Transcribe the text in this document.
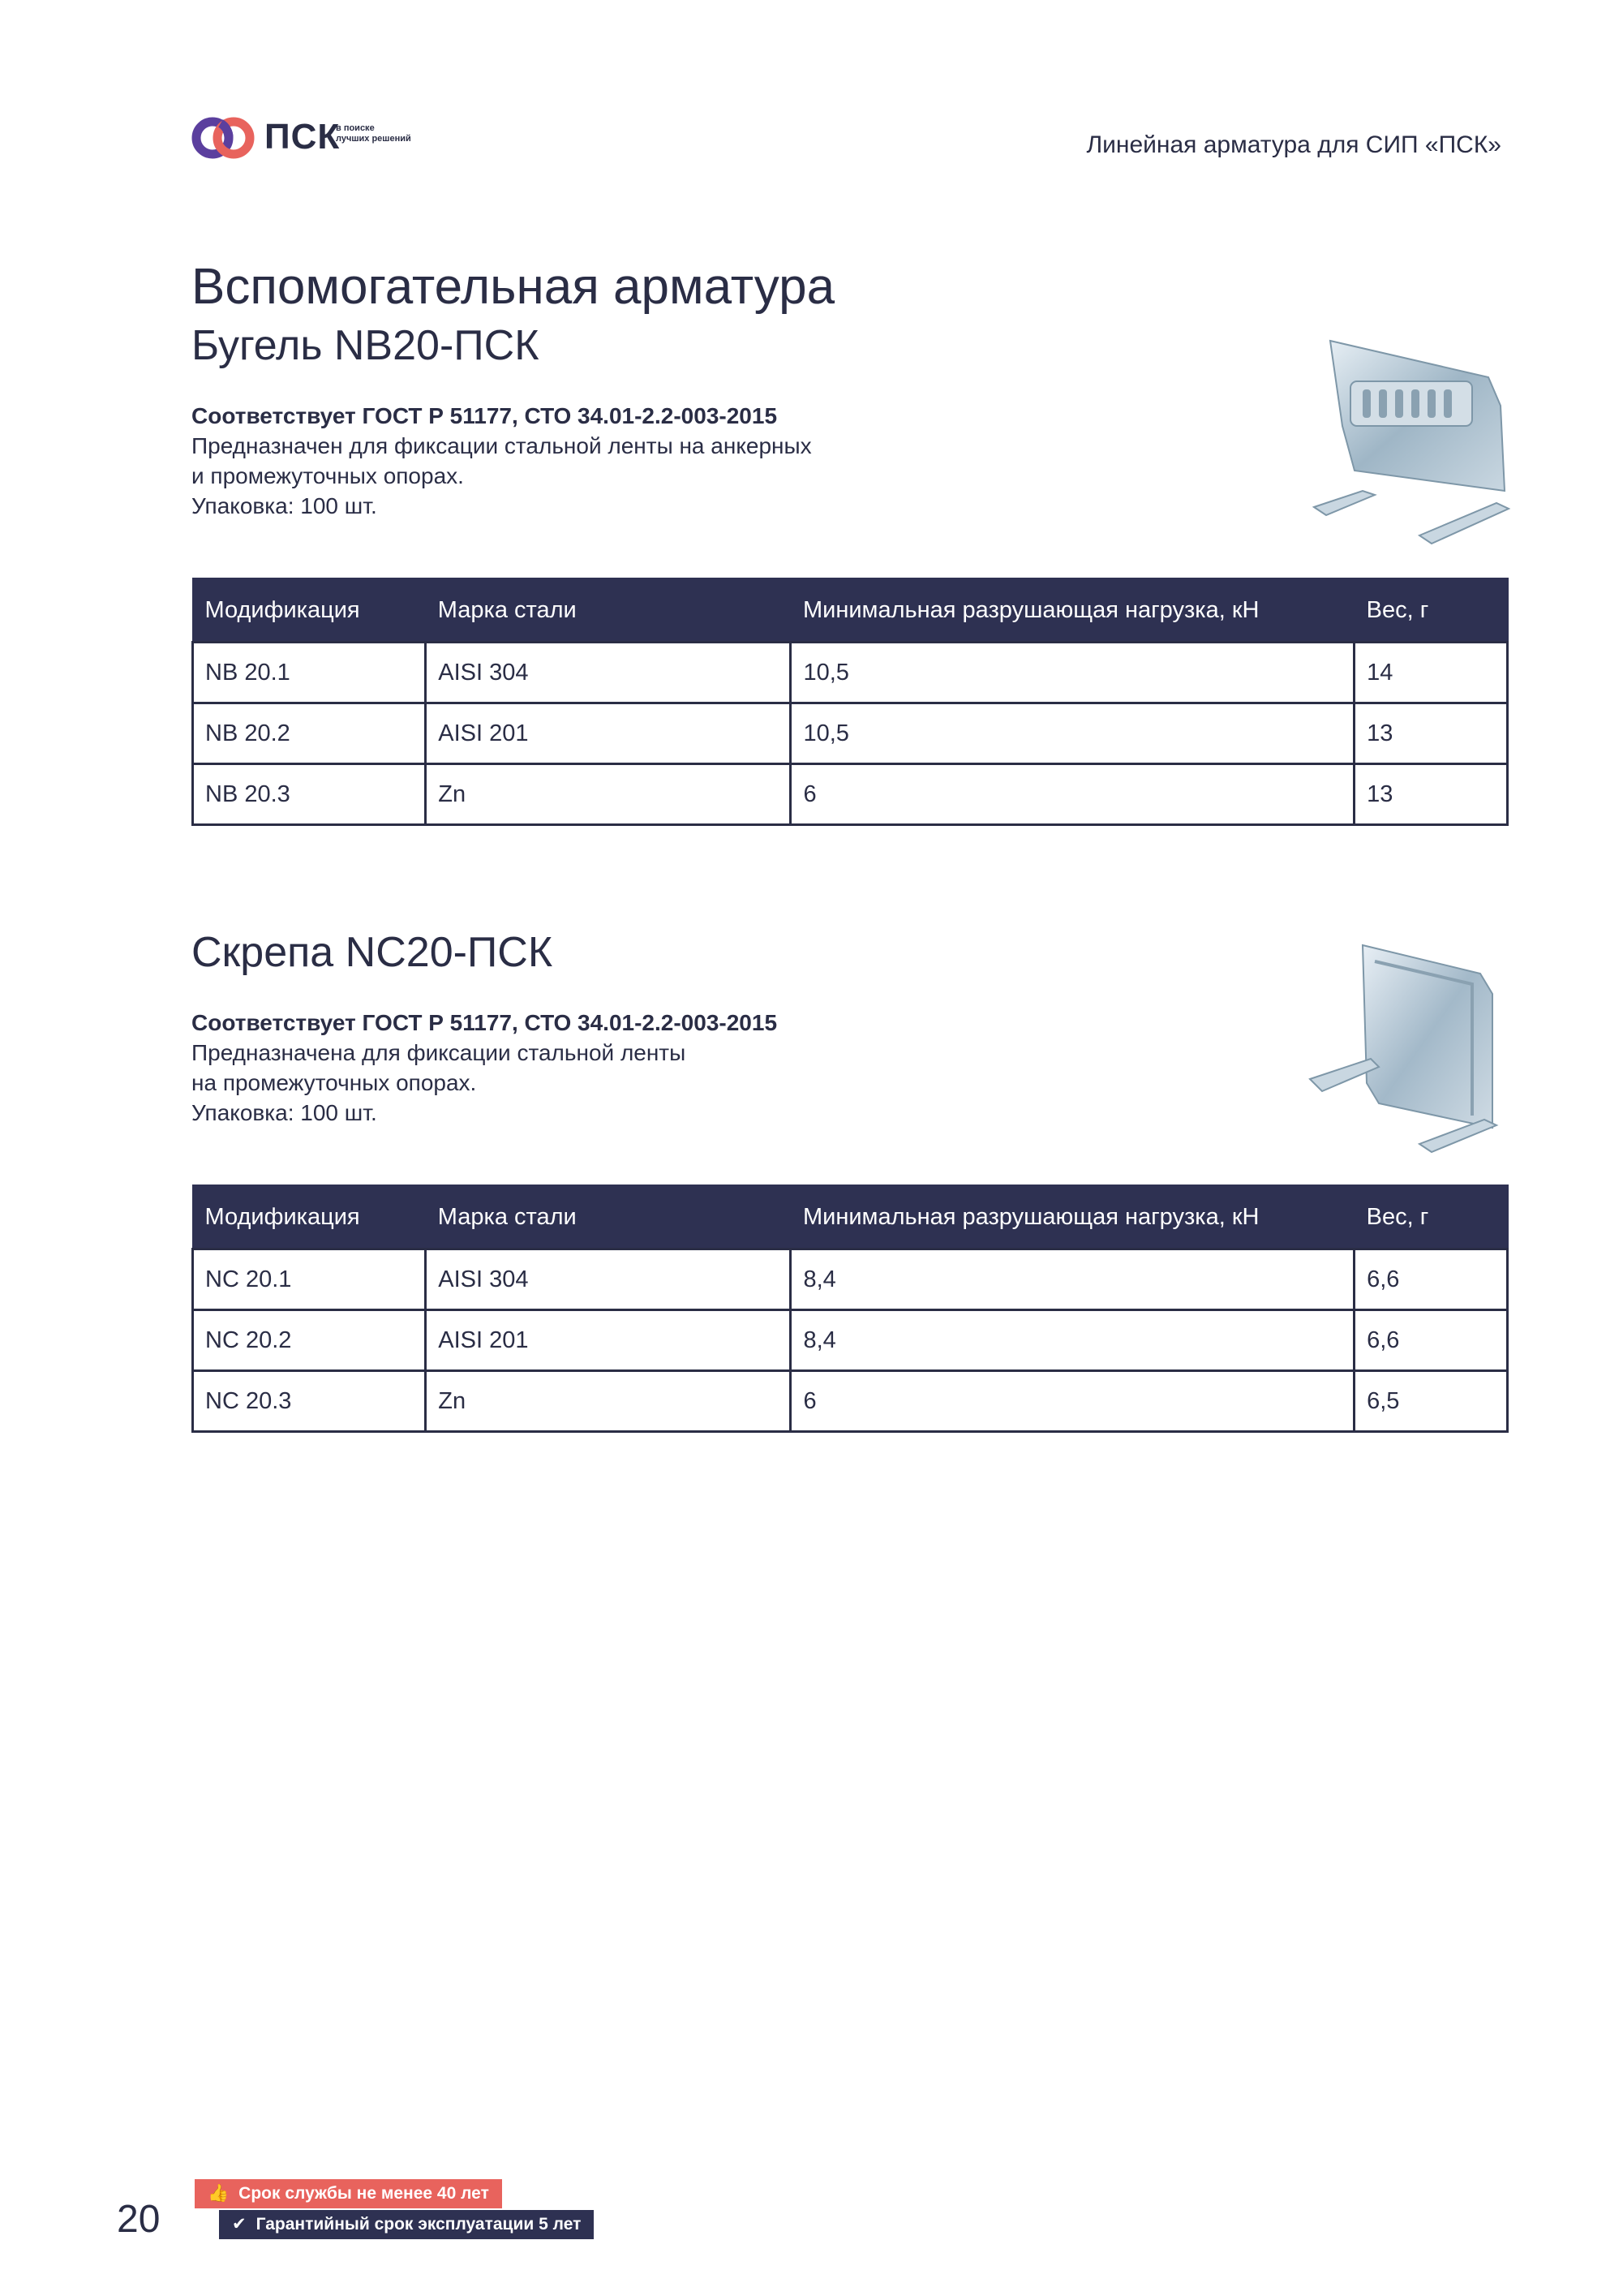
ПСК
в поиске
лучших решений	Линейная арматура для СИП «ПСК»
Вспомогательная арматура
Бугель NB20-ПСК
Соответствует ГОСТ Р 51177, СТО 34.01-2.2-003-2015
Предназначен для фиксации стальной ленты на анкерных
и промежуточных опорах.
Упаковка: 100 шт.
Модификация	Марка стали	Минимальная разрушающая нагрузка, кН	Вес, г
NB 20.1	AISI 304	10,5	14
NB 20.2	AISI 201	10,5	13
NB 20.3	Zn	6	13
Скрепа NC20-ПСК
Соответствует ГОСТ Р 51177, СТО 34.01-2.2-003-2015
Предназначена для фиксации стальной ленты
на промежуточных опорах.
Упаковка: 100 шт.
Модификация	Марка стали	Минимальная разрушающая нагрузка, кН	Вес, г
NC 20.1	AISI 304	8,4	6,6
NC 20.2	AISI 201	8,4	6,6
NC 20.3	Zn	6	6,5
20
👍 Срок службы не менее 40 лет
✔ Гарантийный срок эксплуатации 5 лет
